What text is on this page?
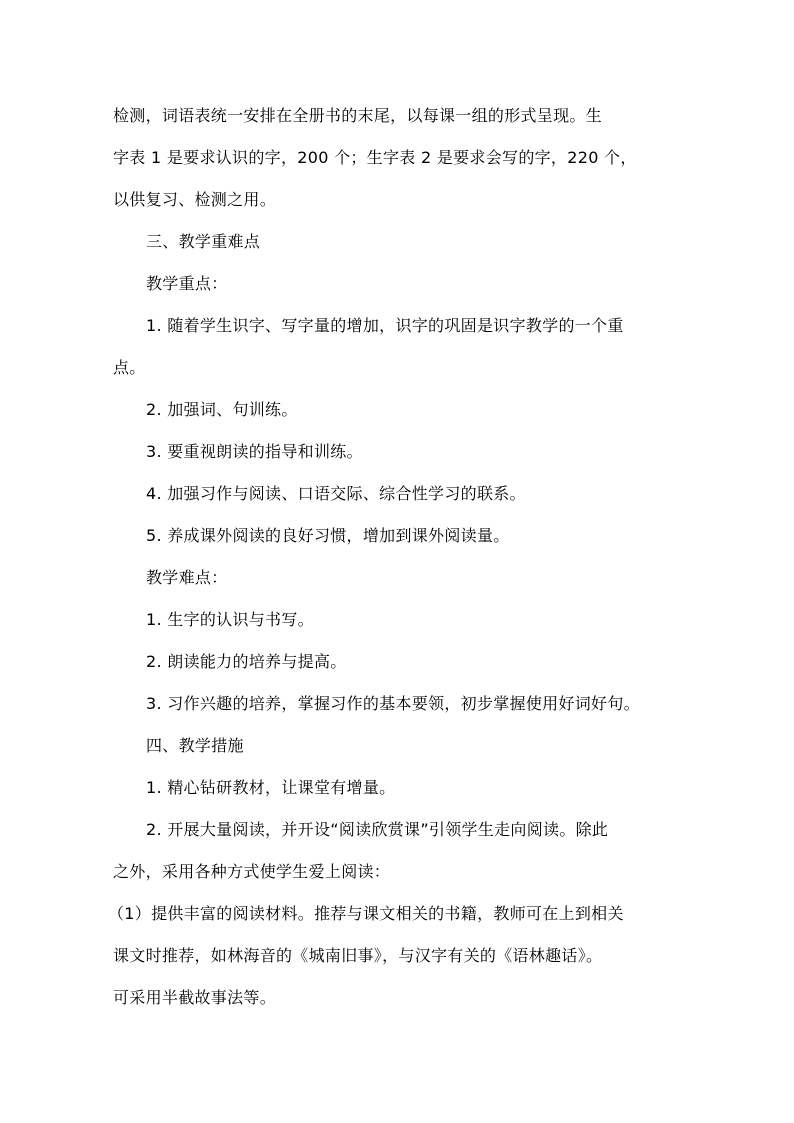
检测，词语表统一安排在全册书的末尾，以每课一组的形式呈现。生
字表 1 是要求认识的字，200 个；生字表 2 是要求会写的字，220 个，
以供复习、检测之用。
三、教学重难点
教学重点：
1. 随着学生识字、写字量的增加，识字的巩固是识字教学的一个重
点。
2. 加强词、句训练。
3. 要重视朗读的指导和训练。
4. 加强习作与阅读、口语交际、综合性学习的联系。
5. 养成课外阅读的良好习惯，增加到课外阅读量。
教学难点：
1. 生字的认识与书写。
2. 朗读能力的培养与提高。
3. 习作兴趣的培养，掌握习作的基本要领，初步掌握使用好词好句。
四、教学措施
1. 精心钻研教材，让课堂有增量。
2. 开展大量阅读，并开设“阅读欣赏课”引领学生走向阅读。除此
之外，采用各种方式使学生爱上阅读：
（1）提供丰富的阅读材料。推荐与课文相关的书籍，教师可在上到相关
课文时推荐，如林海音的《城南旧事》，与汉字有关的《语林趣话》。
可采用半截故事法等。
